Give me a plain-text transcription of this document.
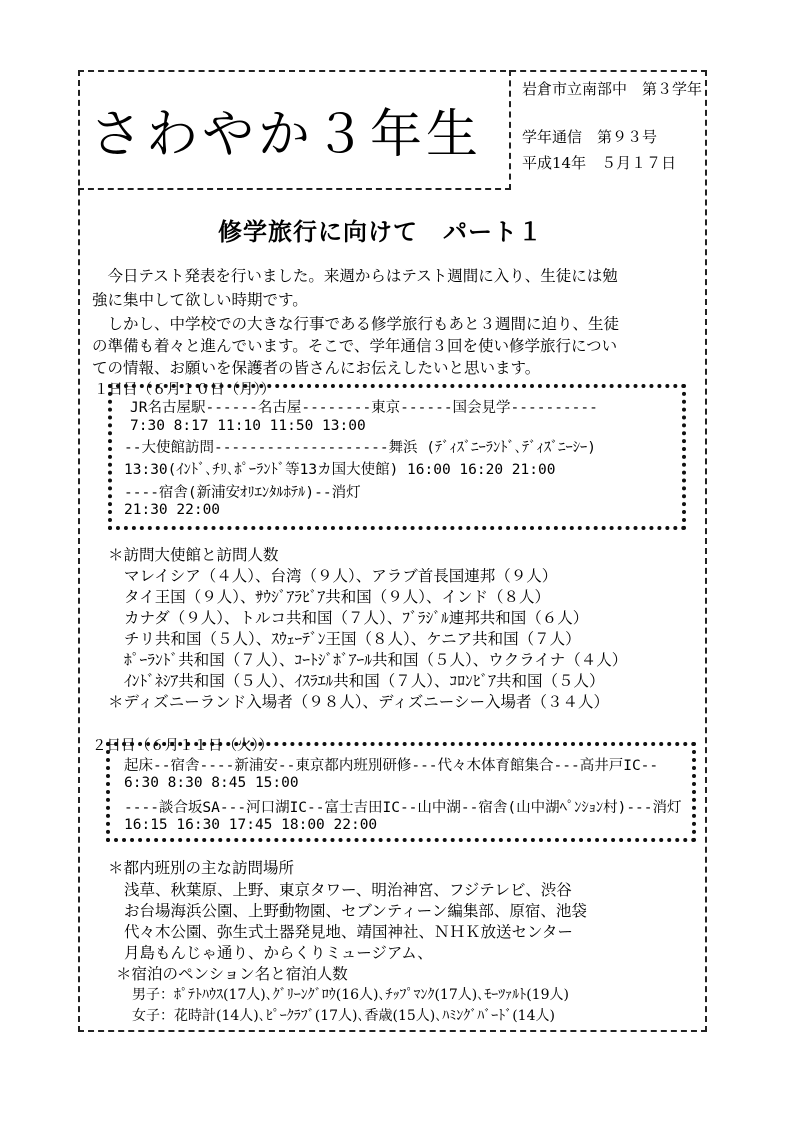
さわやか３年生
岩倉市立南部中　第３学年
学年通信　第９３号
平成14年　５月１７日
修学旅行に向けて　パート１
　今日テスト発表を行いました。来週からはテスト週間に入り、生徒には勉
強に集中して欲しい時期です。
　しかし、中学校での大きな行事である修学旅行もあと３週間に迫り、生徒
の準備も着々と進んでいます。そこで、学年通信３回を使い修学旅行につい
ての情報、お願いを保護者の皆さんにお伝えしたいと思います。
１日目（６月１０日（月））
JR名古屋駅------名古屋--------東京------国会見学----------
7:30 8:17 11:10 11:50 13:00
--大使館訪問--------------------舞浜 (ﾃﾞｨｽﾞﾆｰﾗﾝﾄﾞ､ﾃﾞｨｽﾞﾆｰｼｰ)
13:30(ｲﾝﾄﾞ､ﾁﾘ､ﾎﾟｰﾗﾝﾄﾞ等13カ国大使館) 16:00 16:20 21:00
----宿舎(新浦安ｵﾘｴﾝﾀﾙﾎﾃﾙ)--消灯
21:30 22:00
＊訪問大使館と訪問人数
マレイシア（４人）、台湾（９人）、アラブ首長国連邦（９人）
タイ王国（９人）、ｻｳｼﾞｱﾗﾋﾞｱ共和国（９人）、インド（８人）
カナダ（９人）、トルコ共和国（７人）、ﾌﾞﾗｼﾞﾙ連邦共和国（６人）
チリ共和国（５人）、ｽｳｪｰﾃﾞﾝ王国（８人）、ケニア共和国（７人）
ﾎﾟｰﾗﾝﾄﾞ共和国（７人）、ｺｰﾄｼﾞﾎﾞｱｰﾙ共和国（５人）、ウクライナ（４人）
ｲﾝﾄﾞﾈｼｱ共和国（５人）、ｲｽﾗｴﾙ共和国（７人）、ｺﾛﾝﾋﾞｱ共和国（５人）
＊ディズニーランド入場者（９８人）、ディズニーシー入場者（３４人）
２日目（６月１１日（火））
起床--宿舎----新浦安--東京都内班別研修---代々木体育館集合---高井戸IC--
6:30 8:30 8:45 15:00
----談合坂SA---河口湖IC--富士吉田IC--山中湖--宿舎(山中湖ﾍﾟﾝｼｮﾝ村)---消灯
16:15 16:30 17:45 18:00 22:00
＊都内班別の主な訪問場所
浅草、秋葉原、上野、東京タワー、明治神宮、フジテレビ、渋谷
お台場海浜公園、上野動物園、セブンティーン編集部、原宿、池袋
代々木公園、弥生式土器発見地、靖国神社、ＮＨＫ放送センター
月島もんじゃ通り、からくりミュージアム、
＊宿泊のペンション名と宿泊人数
男子：ﾎﾟﾃﾄﾊｳｽ(17人)､ｸﾞﾘｰﾝｸﾞﾛｳ(16人)､ﾁｯﾌﾟﾏﾝｸ(17人)､ﾓｰﾂｧﾙﾄ(19人)
女子：花時計(14人)､ﾋﾟｰｸﾗﾌﾞ(17人)､香歳(15人)､ﾊﾐﾝｸﾞﾊﾞｰﾄﾞ(14人)
